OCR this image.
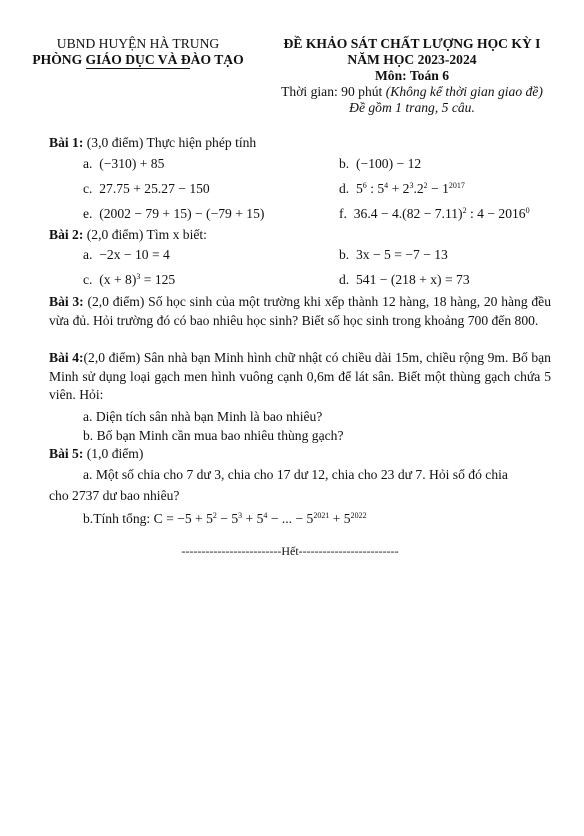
UBND HUYỆN HÀ TRUNG
PHÒNG GIÁO DỤC VÀ ĐÀO TẠO
ĐỀ KHẢO SÁT CHẤT LƯỢNG HỌC KỲ I
NĂM HỌC 2023-2024
Môn: Toán 6
Thời gian: 90 phút (Không kể thời gian giao đề)
Đề gồm 1 trang, 5 câu.
Bài 1: (3,0 điểm) Thực hiện phép tính
a. (−310) + 85	b. (−100) − 12
c. 27.75 + 25.27 − 150	d. $5^6$ : $5^4 + 2^3.2^2 - 1^{2017}$
e. (2002 − 79 + 15) − (−79 + 15)	f. $36.4 - 4.(82 - 7.11)^2$ : $4 - 2016^0$
Bài 2: (2,0 điểm) Tìm x biết:
a. −2x − 10 = 4	b. 3x − 5 = −7 − 13
c. $(x + 8)^3 = 125$	d. 541 − (218 + x) = 73
Bài 3: (2,0 điểm) Số học sinh của một trường khi xếp thành 12 hàng, 18 hàng, 20 hàng đều vừa đủ. Hỏi trường đó có bao nhiêu học sinh? Biết số học sinh trong khoảng 700 đến 800.
Bài 4:(2,0 điểm) Sân nhà bạn Minh hình chữ nhật có chiều dài 15m, chiều rộng 9m. Bố bạn Minh sử dụng loại gạch men hình vuông cạnh 0,6m để lát sân. Biết một thùng gạch chứa 5 viên. Hỏi:
a. Diện tích sân nhà bạn Minh là bao nhiêu?
b. Bố bạn Minh cần mua bao nhiêu thùng gạch?
Bài 5: (1,0 điểm)
a. Một số chia cho 7 dư 3, chia cho 17 dư 12, chia cho 23 dư 7. Hỏi số đó chia
cho 2737 dư bao nhiêu?
b.Tính tổng: $C = -5 + 5^2 - 5^3 + 5^4$ − ... − $5^{2021} + 5^{2022}$
-------------------------Hết-------------------------
